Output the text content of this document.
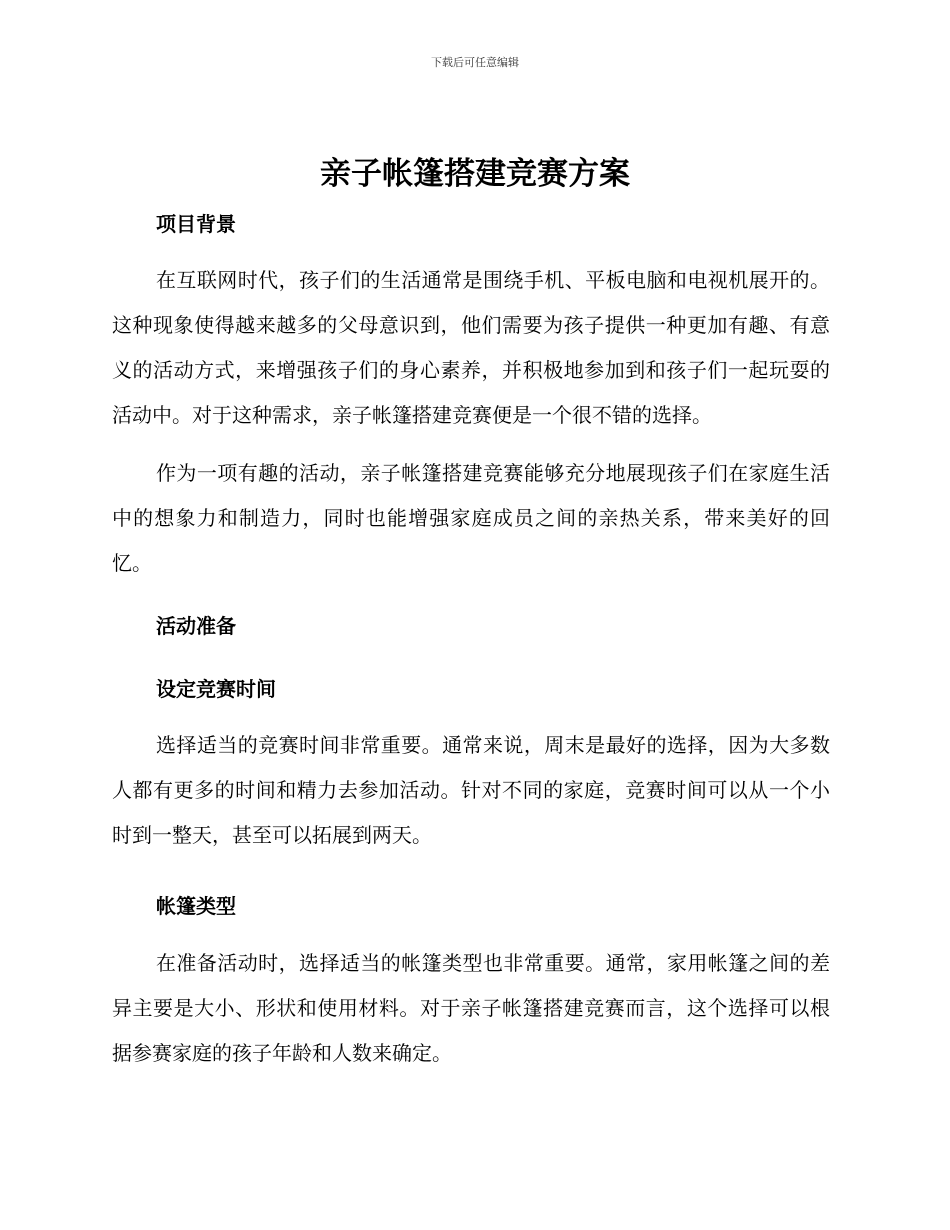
下载后可任意编辑
亲子帐篷搭建竞赛方案

项目背景

在互联网时代，孩子们的生活通常是围绕手机、平板电脑和电视机展开的。这种现象使得越来越多的父母意识到，他们需要为孩子提供一种更加有趣、有意义的活动方式，来增强孩子们的身心素养，并积极地参加到和孩子们一起玩耍的活动中。对于这种需求，亲子帐篷搭建竞赛便是一个很不错的选择。

作为一项有趣的活动，亲子帐篷搭建竞赛能够充分地展现孩子们在家庭生活中的想象力和制造力，同时也能增强家庭成员之间的亲热关系，带来美好的回忆。

活动准备

设定竞赛时间

选择适当的竞赛时间非常重要。通常来说，周末是最好的选择，因为大多数人都有更多的时间和精力去参加活动。针对不同的家庭，竞赛时间可以从一个小时到一整天，甚至可以拓展到两天。

帐篷类型

在准备活动时，选择适当的帐篷类型也非常重要。通常，家用帐篷之间的差异主要是大小、形状和使用材料。对于亲子帐篷搭建竞赛而言，这个选择可以根据参赛家庭的孩子年龄和人数来确定。
